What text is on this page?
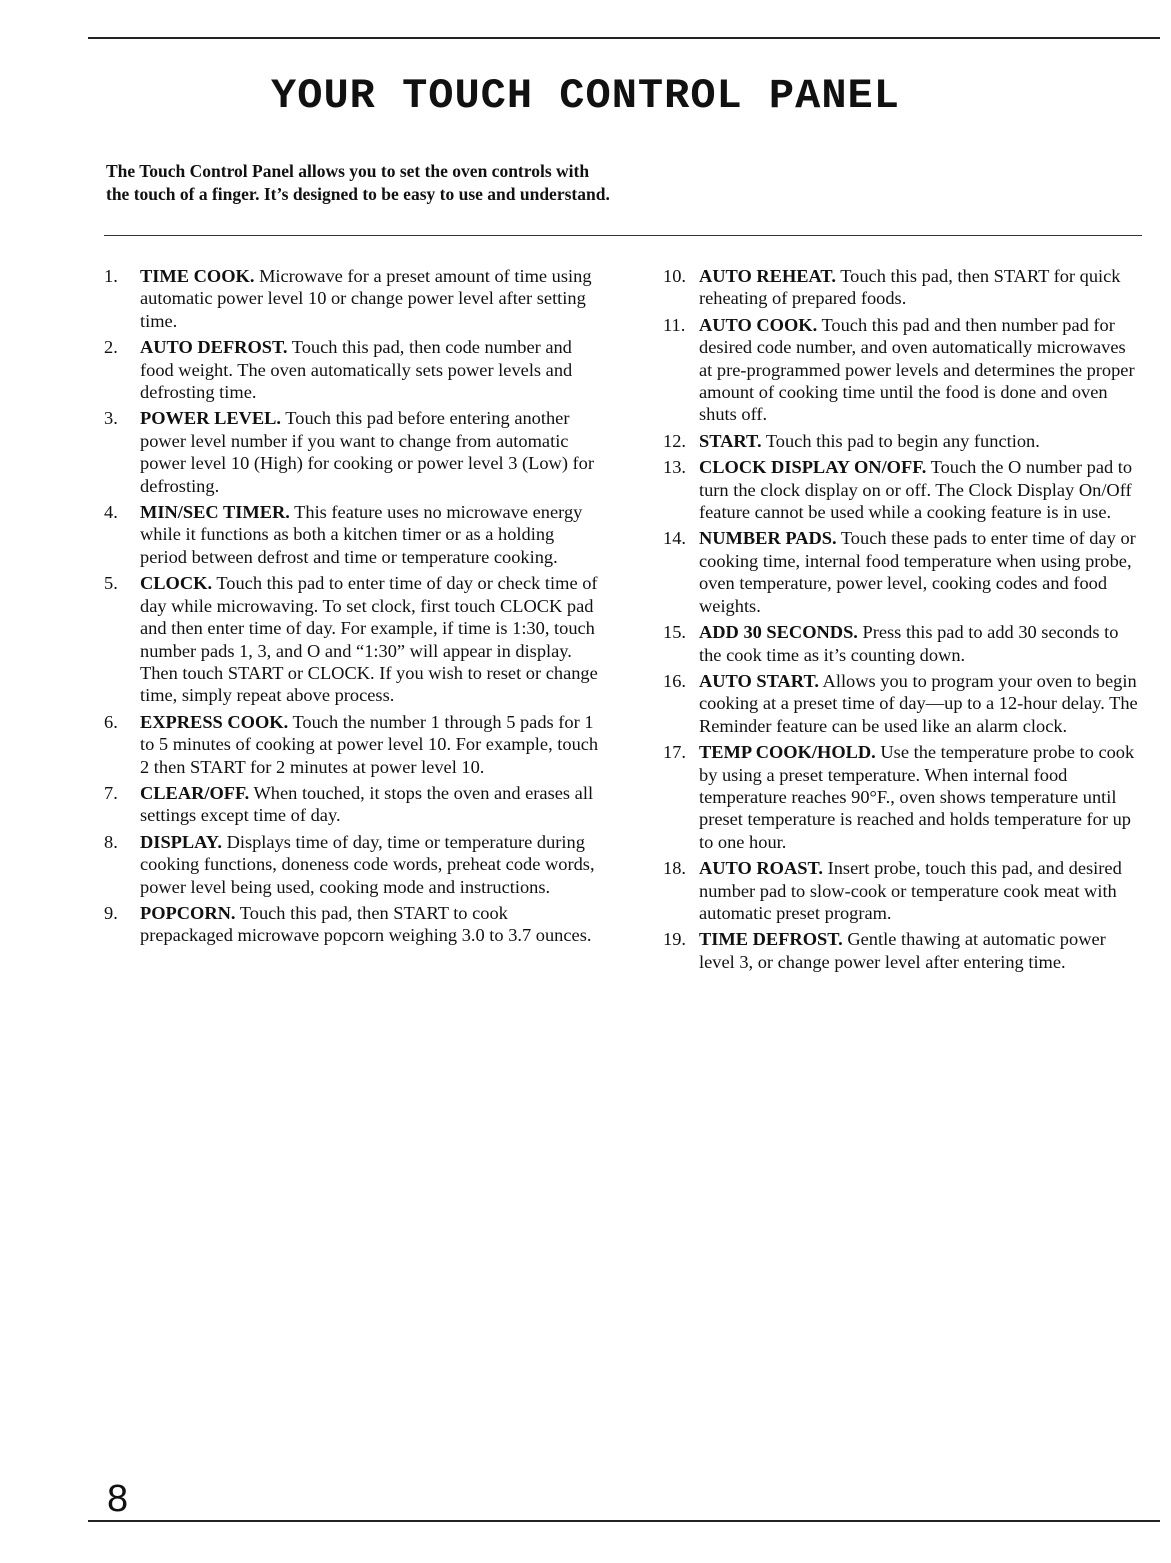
YOUR TOUCH CONTROL PANEL

The Touch Control Panel allows you to set the oven controls with
the touch of a finger. It’s designed to be easy to use and understand.

1.	TIME COOK. Microwave for a preset amount of time using automatic power level 10 or change power level after setting time.
2.	AUTO DEFROST. Touch this pad, then code number and food weight. The oven automatically sets power levels and defrosting time.
3.	POWER LEVEL. Touch this pad before entering another power level number if you want to change from automatic power level 10 (High) for cooking or power level 3 (Low) for defrosting.
4.	MIN/SEC TIMER. This feature uses no microwave energy while it functions as both a kitchen timer or as a holding period between defrost and time or temperature cooking.
5.	CLOCK. Touch this pad to enter time of day or check time of day while microwaving. To set clock, first touch CLOCK pad and then enter time of day. For example, if time is 1:30, touch number pads 1, 3, and O and “1:30” will appear in display. Then touch START or CLOCK. If you wish to reset or change time, simply repeat above process.
6.	EXPRESS COOK. Touch the number 1 through 5 pads for 1 to 5 minutes of cooking at power level 10. For example, touch 2 then START for 2 minutes at power level 10.
7.	CLEAR/OFF. When touched, it stops the oven and erases all settings except time of day.
8.	DISPLAY. Displays time of day, time or temperature during cooking functions, doneness code words, preheat code words, power level being used, cooking mode and instructions.
9.	POPCORN. Touch this pad, then START to cook prepackaged microwave popcorn weighing 3.0 to 3.7 ounces.
10. AUTO REHEAT. Touch this pad, then START for quick reheating of prepared foods.
11. AUTO COOK. Touch this pad and then number pad for desired code number, and oven automatically microwaves at pre-programmed power levels and determines the proper amount of cooking time until the food is done and oven shuts off.
12. START. Touch this pad to begin any function.
13. CLOCK DISPLAY ON/OFF. Touch the O number pad to turn the clock display on or off. The Clock Display On/Off feature cannot be used while a cooking feature is in use.
14. NUMBER PADS. Touch these pads to enter time of day or cooking time, internal food temperature when using probe, oven temperature, power level, cooking codes and food weights.
15. ADD 30 SECONDS. Press this pad to add 30 seconds to the cook time as it’s counting down.
16. AUTO START. Allows you to program your oven to begin cooking at a preset time of day—up to a 12-hour delay. The Reminder feature can be used like an alarm clock.
17. TEMP COOK/HOLD. Use the temperature probe to cook by using a preset temperature. When internal food temperature reaches 90°F., oven shows temperature until preset temperature is reached and holds temperature for up to one hour.
18. AUTO ROAST. Insert probe, touch this pad, and desired number pad to slow-cook or temperature cook meat with automatic preset program.
19. TIME DEFROST. Gentle thawing at automatic power level 3, or change power level after entering time.
8
